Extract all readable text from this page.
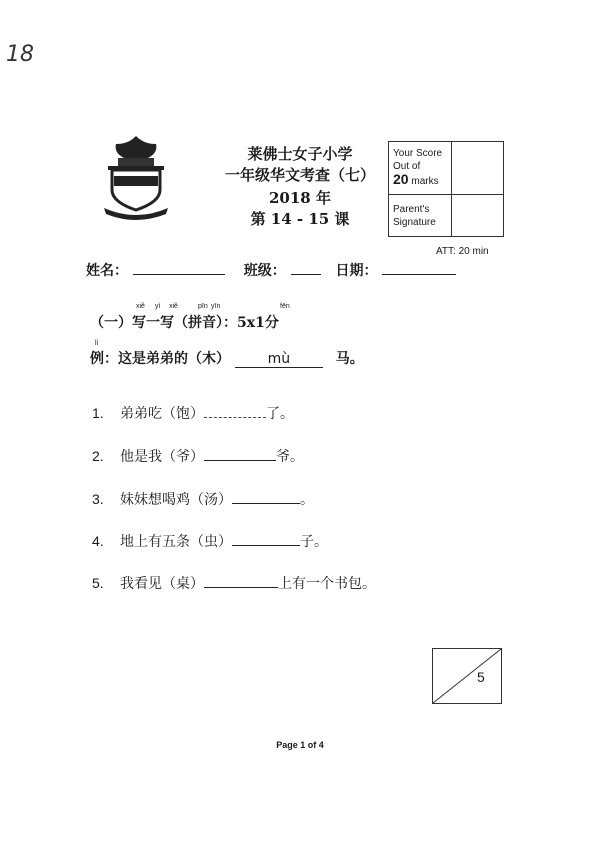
18
莱佛士女子小学
一年级华文考查（七）
2018 年
第 14 - 15 课
Your Score
Out of
20 marks
Parent's
Signature
ATT: 20 min
姓名：	班级：	日期：
xiě yì xiě	pīn yīn	fēn
（一）写一写（拼音）：5x1分
lì
例：这是弟弟的（木）	mù	马。
1. 弟弟吃（饱）	了。
2. 他是我（爷）	爷。
3. 妹妹想喝鸡（汤）	。
4. 地上有五条（虫）	子。
5. 我看见（桌）	上有一个书包。
5
Page 1 of 4
